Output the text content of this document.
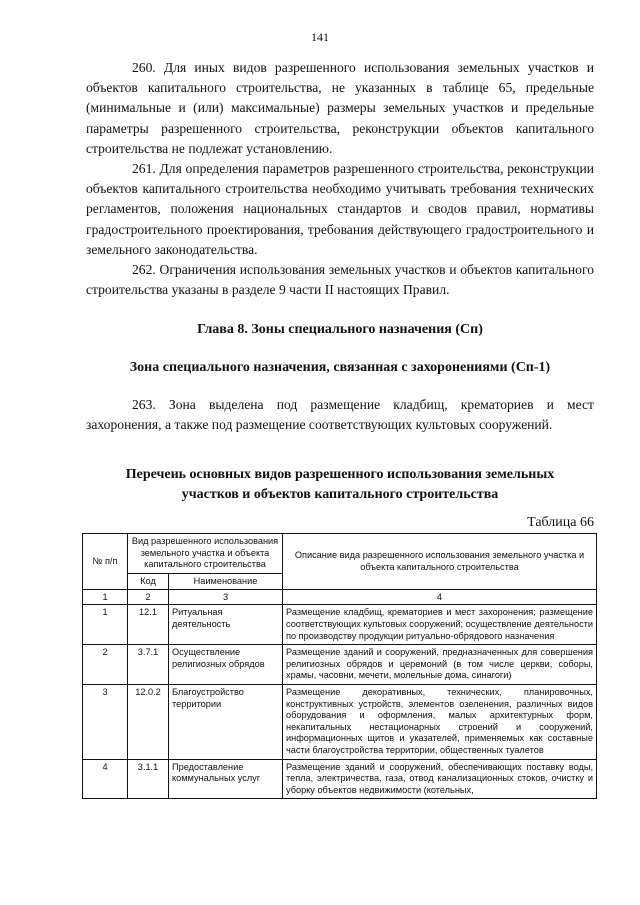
141

260. Для иных видов разрешенного использования земельных участков и объектов капитального строительства, не указанных в таблице 65, предельные (минимальные и (или) максимальные) размеры земельных участков и предельные параметры разрешенного строительства, реконструкции объектов капитального строительства не подлежат установлению.

261. Для определения параметров разрешенного строительства, реконструкции объектов капитального строительства необходимо учитывать требования технических регламентов, положения национальных стандартов и сводов правил, нормативы градостроительного проектирования, требования действующего градостроительного и земельного законодательства.

262. Ограничения использования земельных участков и объектов капитального строительства указаны в разделе 9 части II настоящих Правил.

Глава 8. Зоны специального назначения (Сп)
Зона специального назначения, связанная с захоронениями (Сп-1)

263. Зона выделена под размещение кладбищ, крематориев и мест захоронения, а также под размещение соответствующих культовых сооружений.

Перечень основных видов разрешенного использования земельных
участков и объектов капитального строительства
Таблица 66
№ п/п	Вид разрешенного использования земельного участка и объекта капитального строительства		Описание вида разрешенного использования земельного участка и объекта капитального строительства
	Код	Наименование	
1	2	3	4
1	12.1	Ритуальная деятельность	Размещение кладбищ, крематориев и мест захоронения; размещение соответствующих культовых сооружений; осуществление деятельности по производству продукции ритуально-обрядового назначения
2	3.7.1	Осуществление религиозных обрядов	Размещение зданий и сооружений, предназначенных для совершения религиозных обрядов и церемоний (в том числе церкви, соборы, храмы, часовни, мечети, молельные дома, синагоги)
3	12.0.2	Благоустройство территории	Размещение декоративных, технических, планировочных, конструктивных устройств, элементов озеленения, различных видов оборудования и оформления, малых архитектурных форм, некапитальных нестационарных строений и сооружений, информационных щитов и указателей, применяемых как составные части благоустройства территории, общественных туалетов
4	3.1.1	Предоставление коммунальных услуг	Размещение зданий и сооружений, обеспечивающих поставку воды, тепла, электричества, газа, отвод канализационных стоков, очистку и уборку объектов недвижимости (котельных,
